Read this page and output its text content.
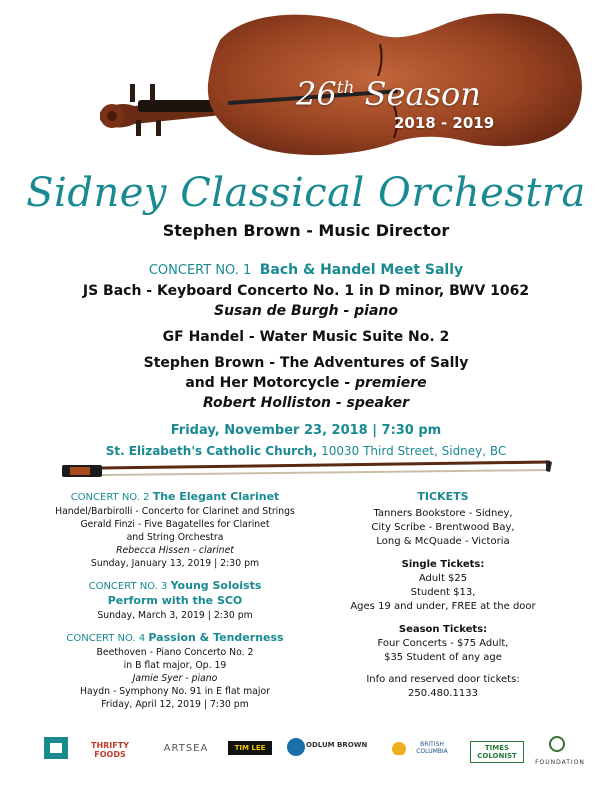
26th Season
2018 - 2019
Sidney Classical Orchestra
Stephen Brown - Music Director
CONCERT NO. 1 Bach & Handel Meet Sally
JS Bach - Keyboard Concerto No. 1 in D minor, BWV 1062
Susan de Burgh - piano
GF Handel - Water Music Suite No. 2
Stephen Brown - The Adventures of Sally
and Her Motorcycle - premiere
Robert Holliston - speaker
Friday, November 23, 2018 | 7:30 pm
St. Elizabeth's Catholic Church, 10030 Third Street, Sidney, BC
CONCERT NO. 2 The Elegant Clarinet
Handel/Barbirolli - Concerto for Clarinet and Strings
Gerald Finzi - Five Bagatelles for Clarinet
and String Orchestra
Rebecca Hissen - clarinet
Sunday, January 13, 2019 | 2:30 pm
CONCERT NO. 3 Young Soloists
Perform with the SCO
Sunday, March 3, 2019 | 2:30 pm
CONCERT NO. 4 Passion & Tenderness
Beethoven - Piano Concerto No. 2
in B flat major, Op. 19
Jamie Syer - piano
Haydn - Symphony No. 91 in E flat major
Friday, April 12, 2019 | 7:30 pm
TICKETS
Tanners Bookstore - Sidney,
City Scribe - Brentwood Bay,
Long & McQuade - Victoria
Single Tickets:
Adult $25
Student $13,
Ages 19 and under, FREE at the door
Season Tickets:
Four Concerts - $75 Adult,
$35 Student of any age
Info and reserved door tickets:
250.480.1133
THRIFTY FOODS
ARTSEA	TIM LEE	ODLUM BROWN	BRITISH COLUMBIA	TIMES COLONIST
FOUNDATION
